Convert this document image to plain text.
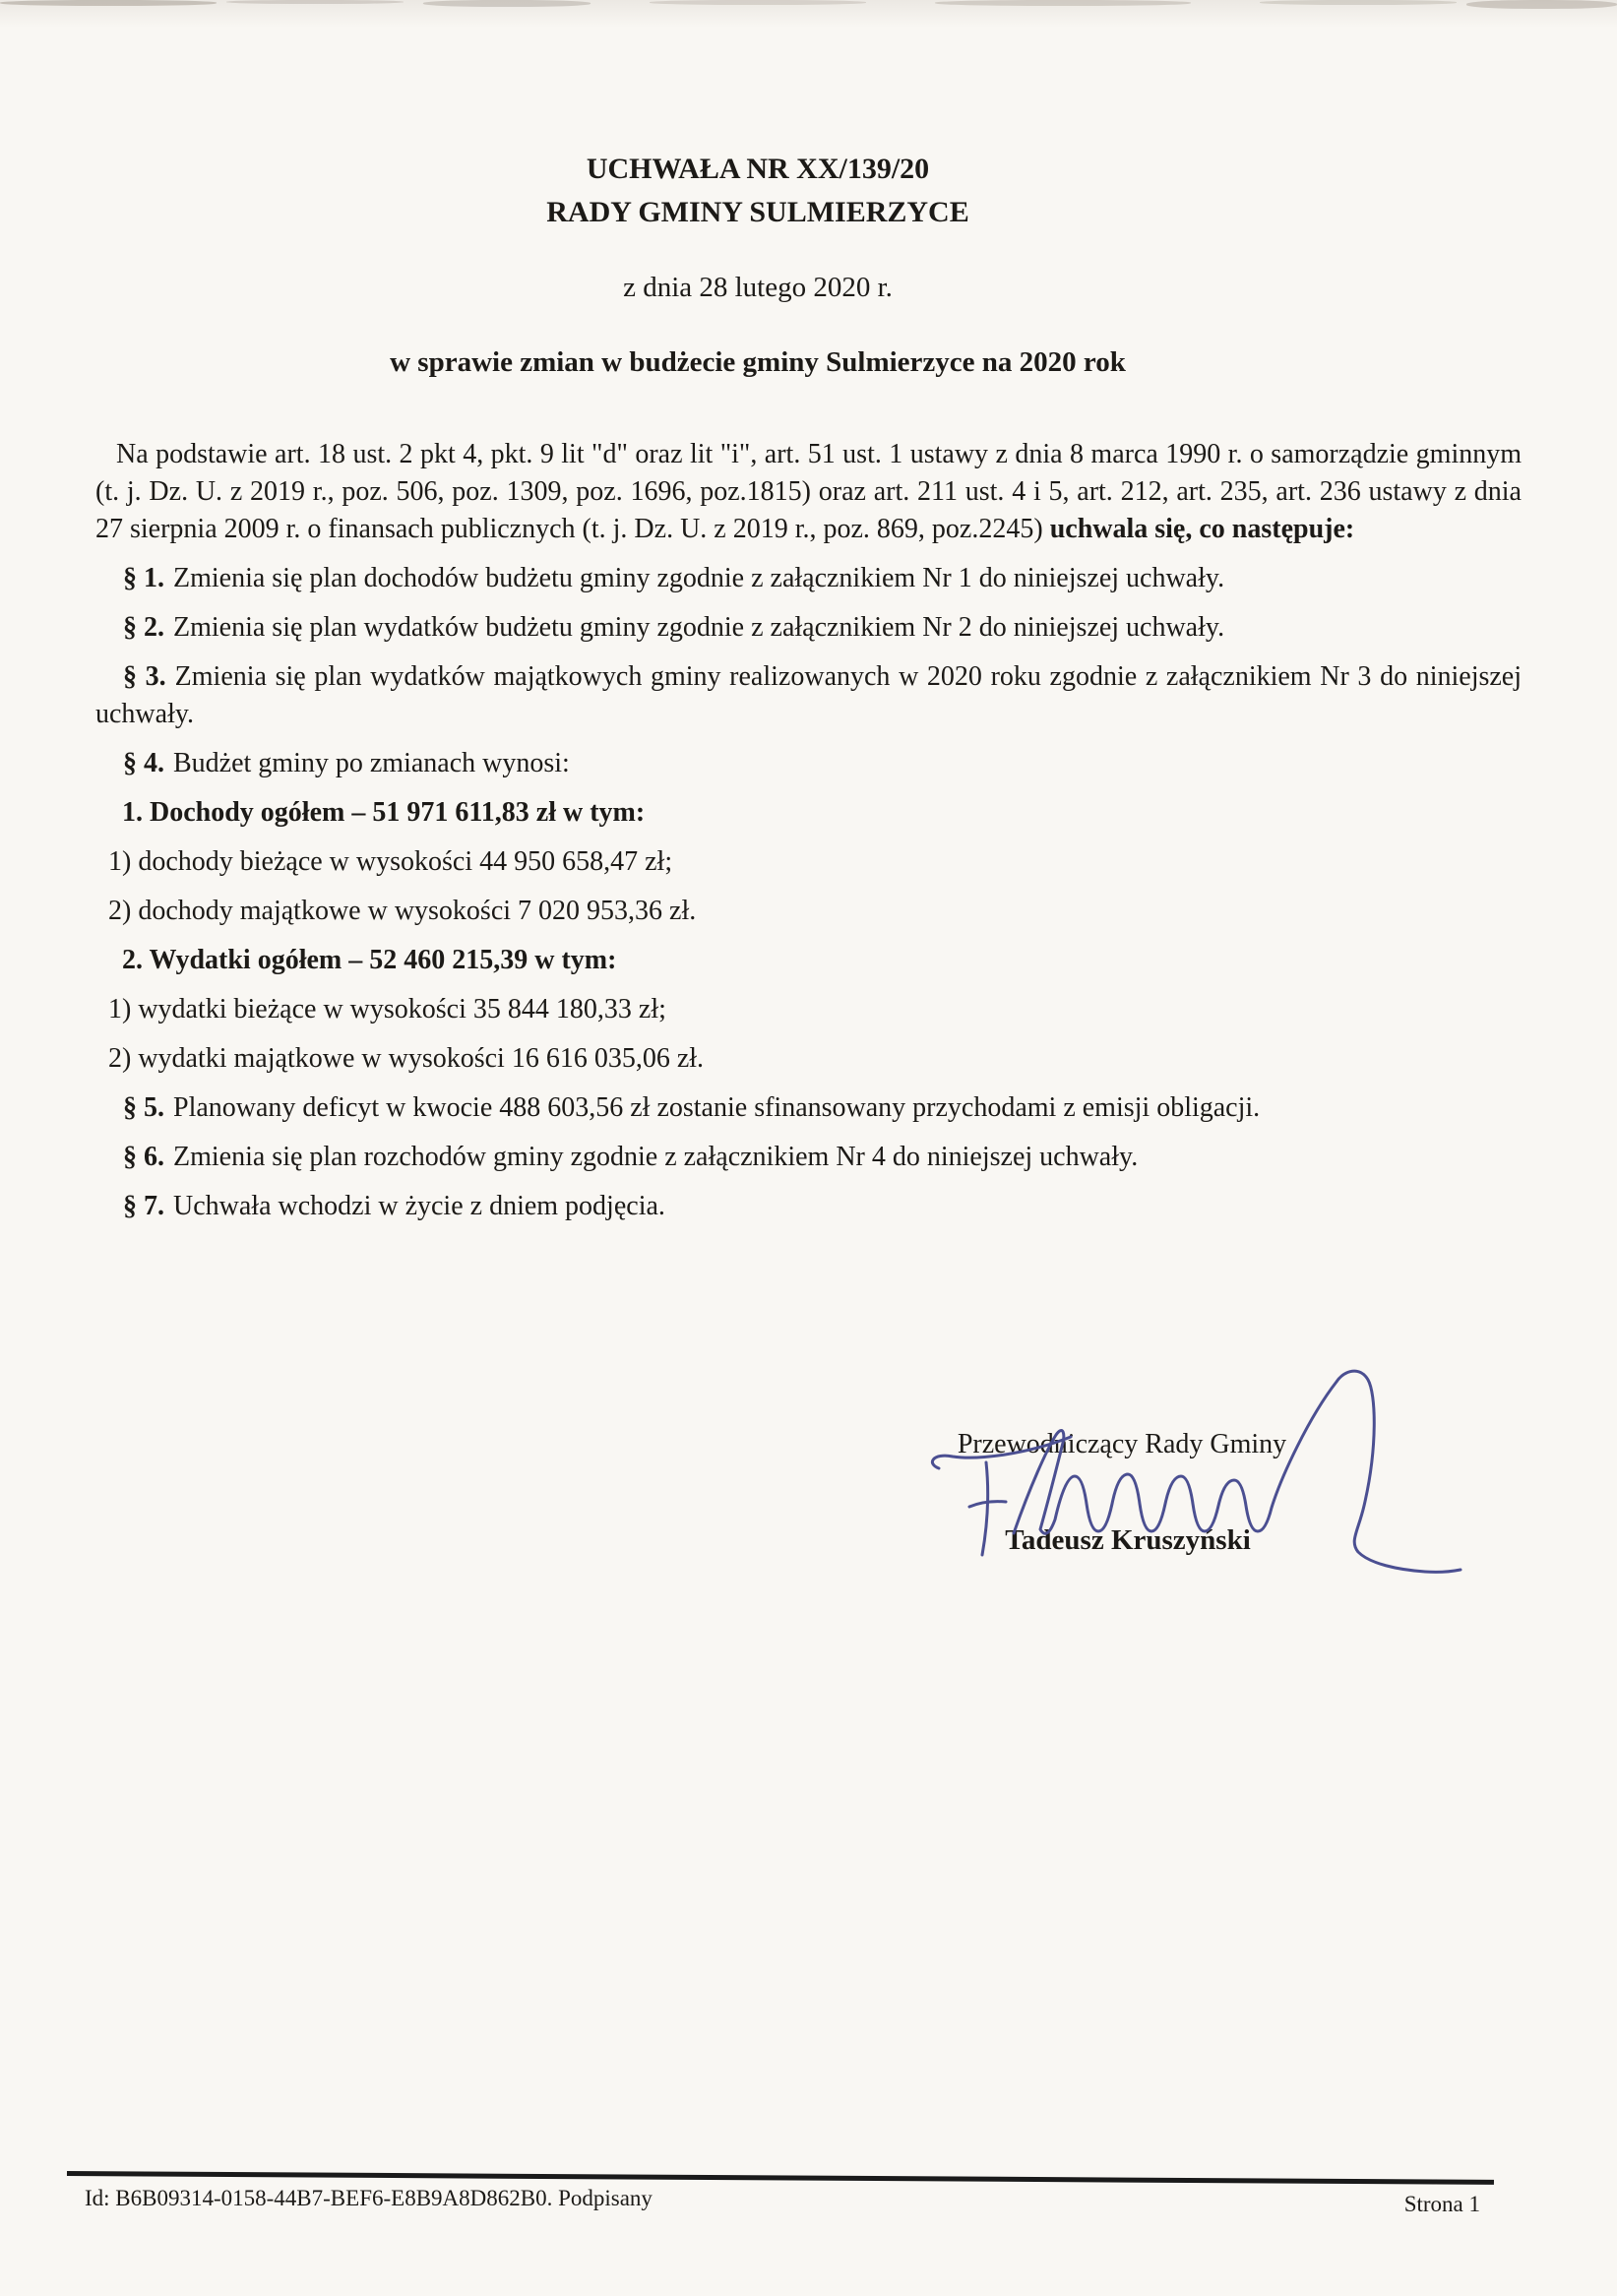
UCHWAŁA NR XX/139/20

RADY GMINY SULMIERZYCE

z dnia 28 lutego 2020 r.

w sprawie zmian w budżecie gminy Sulmierzyce na 2020 rok

Na podstawie art. 18 ust. 2 pkt 4, pkt. 9 lit "d" oraz lit "i", art. 51 ust. 1 ustawy z dnia 8 marca 1990 r. o samorządzie gminnym (t. j. Dz. U. z 2019 r., poz. 506, poz. 1309, poz. 1696, poz.1815) oraz art. 211 ust. 4 i 5, art. 212, art. 235, art. 236 ustawy z dnia 27 sierpnia 2009 r. o finansach publicznych (t. j. Dz. U. z 2019 r., poz. 869, poz.2245) uchwala się, co następuje:

§ 1. Zmienia się plan dochodów budżetu gminy zgodnie z załącznikiem Nr 1 do niniejszej uchwały.

§ 2. Zmienia się plan wydatków budżetu gminy zgodnie z załącznikiem Nr 2 do niniejszej uchwały.

§ 3. Zmienia się plan wydatków majątkowych gminy realizowanych w 2020 roku zgodnie z załącznikiem Nr 3 do niniejszej uchwały.

§ 4. Budżet gminy po zmianach wynosi:

1. Dochody ogółem – 51 971 611,83 zł w tym:

1) dochody bieżące w wysokości 44 950 658,47 zł;

2) dochody majątkowe w wysokości 7 020 953,36 zł.

2. Wydatki ogółem – 52 460 215,39 w tym:

1) wydatki bieżące w wysokości 35 844 180,33 zł;

2) wydatki majątkowe w wysokości 16 616 035,06 zł.

§ 5. Planowany deficyt w kwocie 488 603,56 zł zostanie sfinansowany przychodami z emisji obligacji.

§ 6. Zmienia się plan rozchodów gminy zgodnie z załącznikiem Nr 4 do niniejszej uchwały.

§ 7. Uchwała wchodzi w życie z dniem podjęcia.

Przewodniczący Rady Gminy
Tadeusz Kruszyński
Id: B6B09314-0158-44B7-BEF6-E8B9A8D862B0. Podpisany	Strona 1
